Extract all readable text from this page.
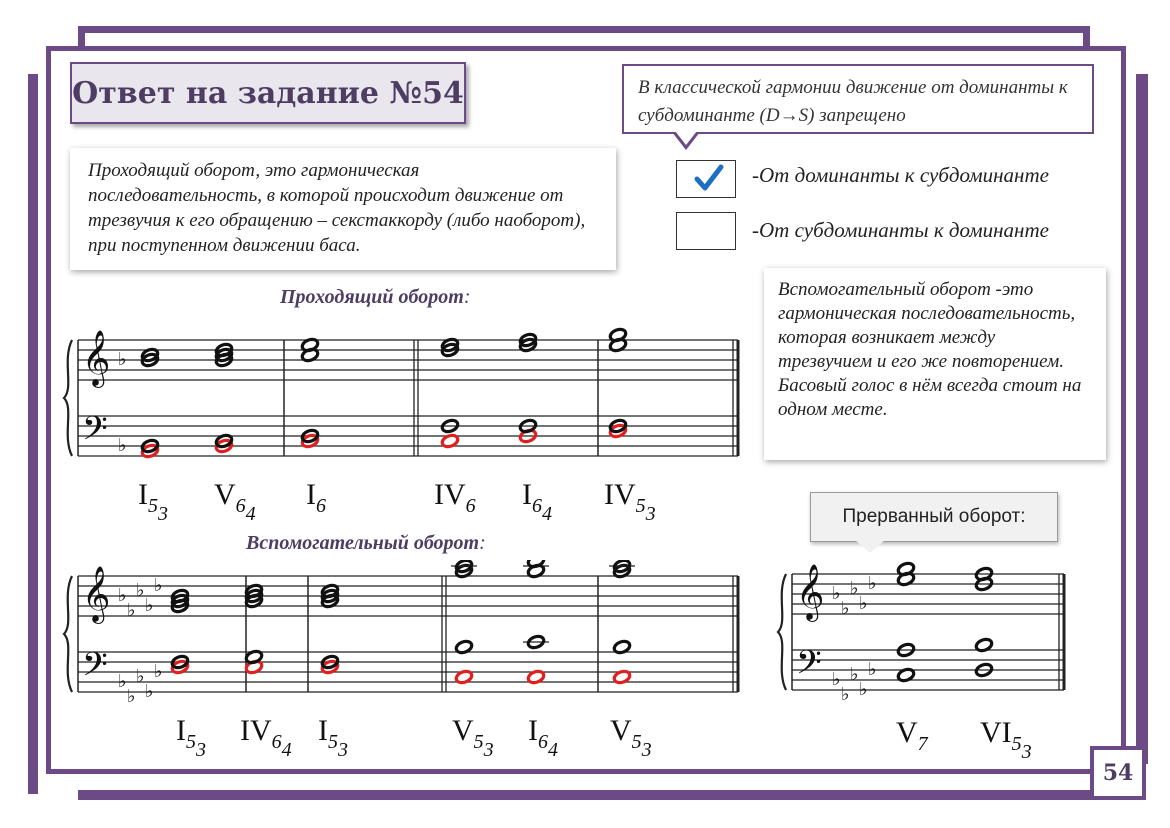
Ответ на задание №54	В классической гармонии движение от доминанты к субдоминанте (D→S) запрещено
Проходящий оборот, это гармоническая последовательность, в которой происходит движение от трезвучия к его обращению – секстаккорду (либо наоборот), при поступенном движении баса.
Вспомогательный оборот -это гармоническая последовательность, которая возникает между трезвучием и его же повторением. Басовый голос в нём всегда стоит на одном месте.
-От доминанты к субдоминанте
-От субдоминанты к доминанте
Проходящий оборот:
Вспомогательный оборот:
Прерванный оборот:
𝄞
𝄢
♭
♭
𝄞
𝄢
♭
♭
♭
♭
♭
♭
♭
♭
♭
♭
𝄞
𝄢
♭
♭
♭
♭
♭
♭
♭
♭
♭
♭
$I_{53}$
$V_{64}$
$I_6$	$IV_6$ $I_{64}$
$IV_{53}$
$I_{53}$
$IV_{64}$
$I_{53}$
$V_{53}$
$I_{64}$
$V_{53}$
$V_7$ $VI_{53}$
54
